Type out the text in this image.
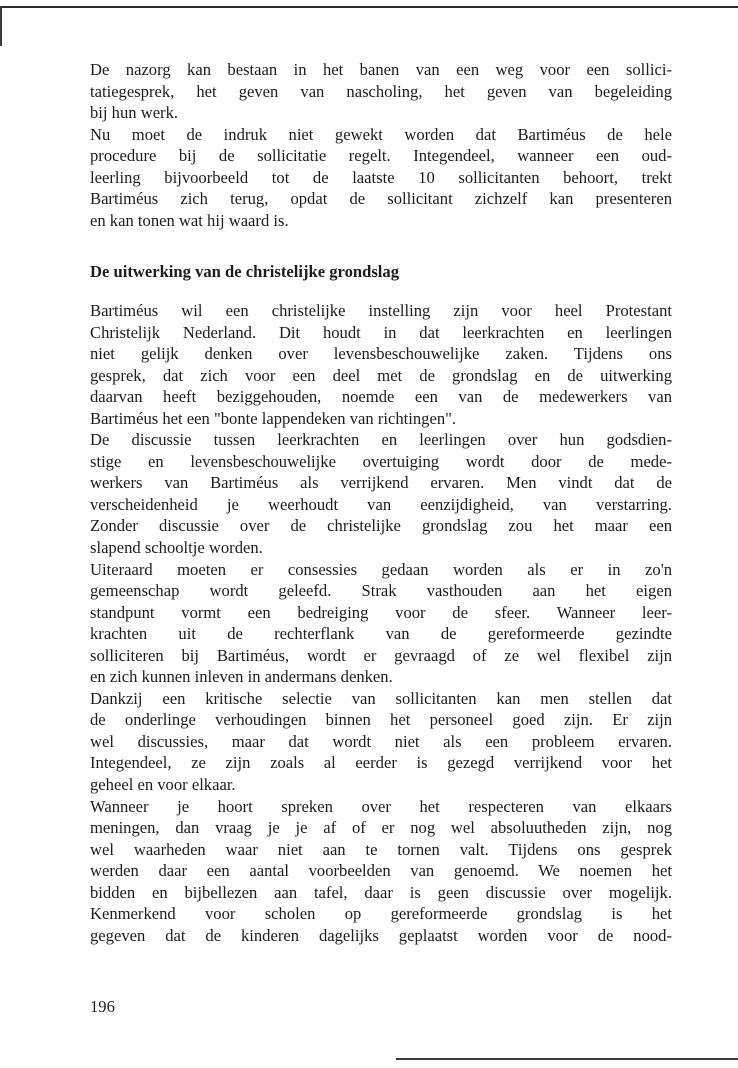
De nazorg kan bestaan in het banen van een weg voor een sollici-
tatiegesprek, het geven van nascholing, het geven van begeleiding
bij hun werk.
Nu moet de indruk niet gewekt worden dat Bartiméus de hele
procedure bij de sollicitatie regelt. Integendeel, wanneer een oud-
leerling bijvoorbeeld tot de laatste 10 sollicitanten behoort, trekt
Bartiméus zich terug, opdat de sollicitant zichzelf kan presenteren
en kan tonen wat hij waard is.
De uitwerking van de christelijke grondslag
Bartiméus wil een christelijke instelling zijn voor heel Protestant
Christelijk Nederland. Dit houdt in dat leerkrachten en leerlingen
niet gelijk denken over levensbeschouwelijke zaken. Tijdens ons
gesprek, dat zich voor een deel met de grondslag en de uitwerking
daarvan heeft beziggehouden, noemde een van de medewerkers van
Bartiméus het een "bonte lappendeken van richtingen".
De discussie tussen leerkrachten en leerlingen over hun godsdien-
stige en levensbeschouwelijke overtuiging wordt door de mede-
werkers van Bartiméus als verrijkend ervaren. Men vindt dat de
verscheidenheid je weerhoudt van eenzijdigheid, van verstarring.
Zonder discussie over de christelijke grondslag zou het maar een
slapend schooltje worden.
Uiteraard moeten er consessies gedaan worden als er in zo'n
gemeenschap wordt geleefd. Strak vasthouden aan het eigen
standpunt vormt een bedreiging voor de sfeer. Wanneer leer-
krachten uit de rechterflank van de gereformeerde gezindte
solliciteren bij Bartiméus, wordt er gevraagd of ze wel flexibel zijn
en zich kunnen inleven in andermans denken.
Dankzij een kritische selectie van sollicitanten kan men stellen dat
de onderlinge verhoudingen binnen het personeel goed zijn. Er zijn
wel discussies, maar dat wordt niet als een probleem ervaren.
Integendeel, ze zijn zoals al eerder is gezegd verrijkend voor het
geheel en voor elkaar.
Wanneer je hoort spreken over het respecteren van elkaars
meningen, dan vraag je je af of er nog wel absoluutheden zijn, nog
wel waarheden waar niet aan te tornen valt. Tijdens ons gesprek
werden daar een aantal voorbeelden van genoemd. We noemen het
bidden en bijbellezen aan tafel, daar is geen discussie over mogelijk.
Kenmerkend voor scholen op gereformeerde grondslag is het
gegeven dat de kinderen dagelijks geplaatst worden voor de nood-
196
